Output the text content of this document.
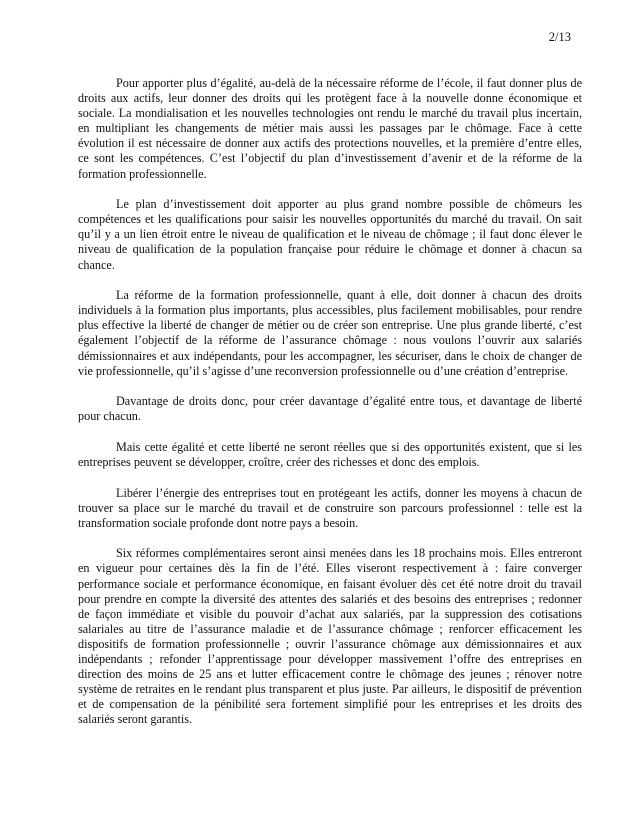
2/13

Pour apporter plus d’égalité, au-delà de la nécessaire réforme de l’école, il faut donner plus de droits aux actifs, leur donner des droits qui les protègent face à la nouvelle donne économique et sociale. La mondialisation et les nouvelles technologies ont rendu le marché du travail plus incertain, en multipliant les changements de métier mais aussi les passages par le chômage. Face à cette évolution il est nécessaire de donner aux actifs des protections nouvelles, et la première d’entre elles, ce sont les compétences. C’est l’objectif du plan d’investissement d’avenir et de la réforme de la formation professionnelle.

Le plan d’investissement doit apporter au plus grand nombre possible de chômeurs les compétences et les qualifications pour saisir les nouvelles opportunités du marché du travail. On sait qu’il y a un lien étroit entre le niveau de qualification et le niveau de chômage ; il faut donc élever le niveau de qualification de la population française pour réduire le chômage et donner à chacun sa chance.

La réforme de la formation professionnelle, quant à elle, doit donner à chacun des droits individuels à la formation plus importants, plus accessibles, plus facilement mobilisables, pour rendre plus effective la liberté de changer de métier ou de créer son entreprise. Une plus grande liberté, c’est également l’objectif de la réforme de l’assurance chômage : nous voulons l’ouvrir aux salariés démissionnaires et aux indépendants, pour les accompagner, les sécuriser, dans le choix de changer de vie professionnelle, qu’il s’agisse d’une reconversion professionnelle ou d’une création d’entreprise.

Davantage de droits donc, pour créer davantage d’égalité entre tous, et davantage de liberté pour chacun.

Mais cette égalité et cette liberté ne seront réelles que si des opportunités existent, que si les entreprises peuvent se développer, croître, créer des richesses et donc des emplois.

Libérer l’énergie des entreprises tout en protégeant les actifs, donner les moyens à chacun de trouver sa place sur le marché du travail et de construire son parcours professionnel : telle est la transformation sociale profonde dont notre pays a besoin.

Six réformes complémentaires seront ainsi menées dans les 18 prochains mois. Elles entreront en vigueur pour certaines dès la fin de l’été. Elles viseront respectivement à : faire converger performance sociale et performance économique, en faisant évoluer dès cet été notre droit du travail pour prendre en compte la diversité des attentes des salariés et des besoins des entreprises ; redonner de façon immédiate et visible du pouvoir d’achat aux salariés, par la suppression des cotisations salariales au titre de l’assurance maladie et de l’assurance chômage ; renforcer efficacement les dispositifs de formation professionnelle ; ouvrir l’assurance chômage aux démissionnaires et aux indépendants ; refonder l’apprentissage pour développer massivement l’offre des entreprises en direction des moins de 25 ans et lutter efficacement contre le chômage des jeunes ; rénover notre système de retraites en le rendant plus transparent et plus juste. Par ailleurs, le dispositif de prévention et de compensation de la pénibilité sera fortement simplifié pour les entreprises et les droits des salariés seront garantis.
